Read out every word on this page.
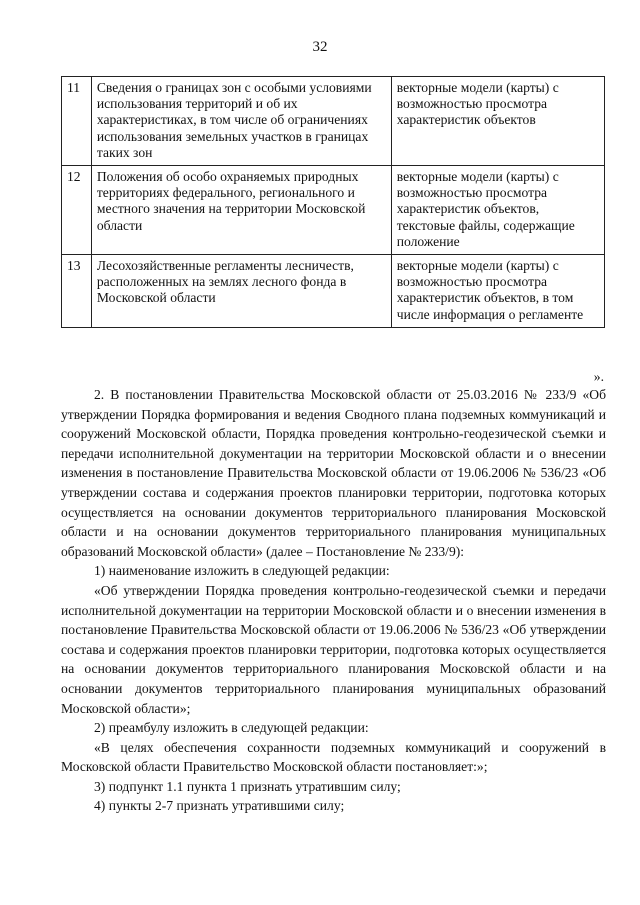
32
11	Сведения о границах зон с особыми условиями использования территорий и об их характеристиках, в том числе об ограничениях использования земельных участков в границах таких зон	векторные модели (карты) с возможностью просмотра характеристик объектов
12	Положения об особо охраняемых природных территориях федерального, регионального и местного значения на территории Московской области	векторные модели (карты) с возможностью просмотра характеристик объектов, текстовые файлы, содержащие положение
13	Лесохозяйственные регламенты лесничеств, расположенных на землях лесного фонда в Московской области	векторные модели (карты) с возможностью просмотра характеристик объектов, в том числе информация о регламенте
».

2. В постановлении Правительства Московской области от 25.03.2016 № 233/9 «Об утверждении Порядка формирования и ведения Сводного плана подземных коммуникаций и сооружений Московской области, Порядка проведения контрольно-геодезической съемки и передачи исполнительной документации на территории Московской области и о внесении изменения в постановление Правительства Московской области от 19.06.2006 № 536/23 «Об утверждении состава и содержания проектов планировки территории, подготовка которых осуществляется на основании документов территориального планирования Московской области и на основании документов территориального планирования муниципальных образований Московской области» (далее – Постановление № 233/9):

1) наименование изложить в следующей редакции:

«Об утверждении Порядка проведения контрольно-геодезической съемки и передачи исполнительной документации на территории Московской области и о внесении изменения в постановление Правительства Московской области от 19.06.2006 № 536/23 «Об утверждении состава и содержания проектов планировки территории, подготовка которых осуществляется на основании документов территориального планирования Московской области и на основании документов территориального планирования муниципальных образований Московской области»;

2) преамбулу изложить в следующей редакции:

«В целях обеспечения сохранности подземных коммуникаций и сооружений в Московской области Правительство Московской области постановляет:»;

3) подпункт 1.1 пункта 1 признать утратившим силу;

4) пункты 2-7 признать утратившими силу;
